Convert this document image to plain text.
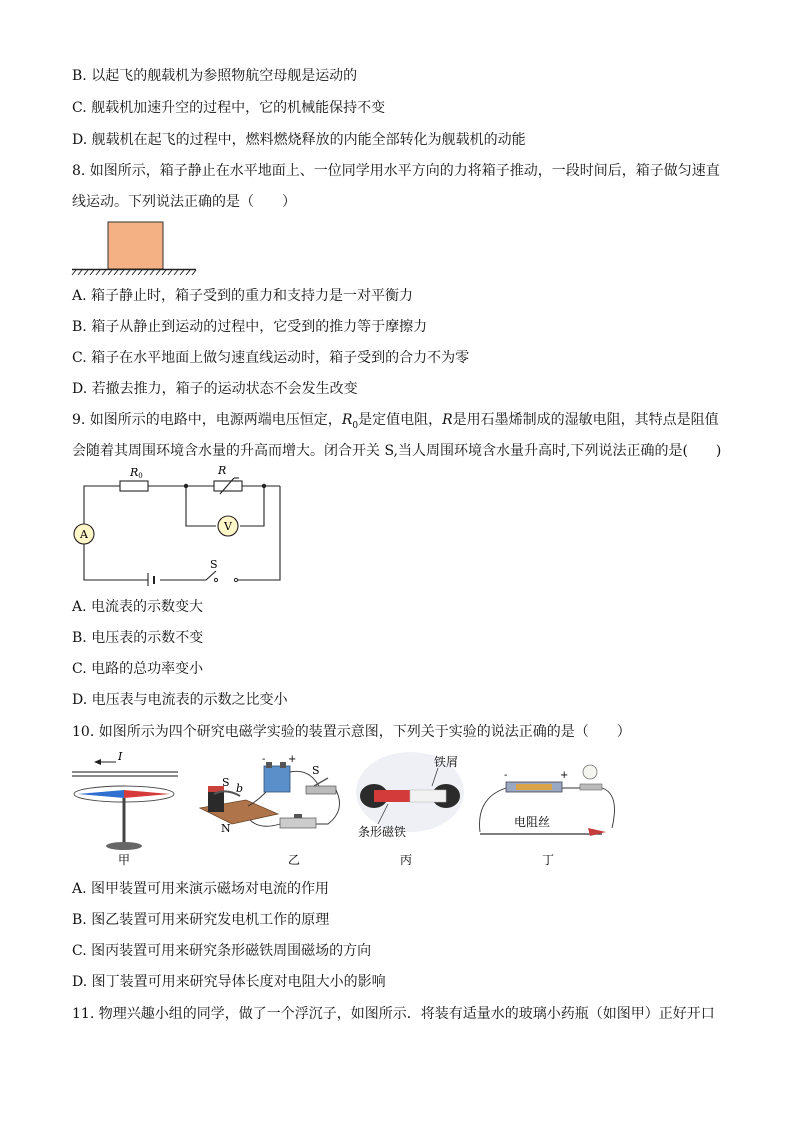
B. 以起飞的舰载机为参照物航空母舰是运动的
C. 舰载机加速升空的过程中，它的机械能保持不变
D. 舰载机在起飞的过程中，燃料燃烧释放的内能全部转化为舰载机的动能
8. 如图所示，箱子静止在水平地面上、一位同学用水平方向的力将箱子推动，一段时间后，箱子做匀速直
线运动。下列说法正确的是（　　）
A. 箱子静止时，箱子受到的重力和支持力是一对平衡力
B. 箱子从静止到运动的过程中，它受到的推力等于摩擦力
C. 箱子在水平地面上做匀速直线运动时，箱子受到的合力不为零
D. 若撤去推力，箱子的运动状态不会发生改变
9. 如图所示的电路中，电源两端电压恒定，$R_0$是定值电阻，R是用石墨烯制成的湿敏电阻，其特点是阻值
会随着其周围环境含水量的升高而增大。闭合开关 S,当人周围环境含水量升高时,下列说法正确的是(　　)
A
V
R0	R
S
A. 电流表的示数变大
B. 电压表的示数不变
C. 电路的总功率变小
D. 电压表与电流表的示数之比变小
10. 如图所示为四个研究电磁学实验的装置示意图，下列关于实验的说法正确的是（　　）
I
甲
S b
N
- +
S
乙
铁屑
条形磁铁
丙
-	+
电阻丝
丁
A. 图甲装置可用来演示磁场对电流的作用
B. 图乙装置可用来研究发电机工作的原理
C. 图丙装置可用来研究条形磁铁周围磁场的方向
D. 图丁装置可用来研究导体长度对电阻大小的影响
11. 物理兴趣小组的同学，做了一个浮沉子，如图所示．将装有适量水的玻璃小药瓶（如图甲）正好开口
